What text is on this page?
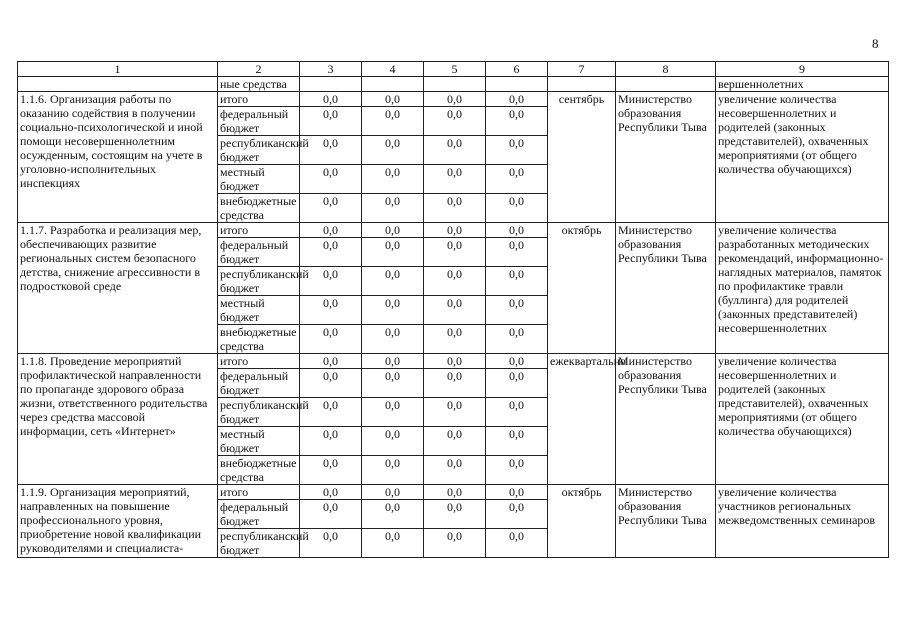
8
1	2	3	4	5	6	7	8	9
	ные средства							вершеннолетних
1.1.6. Организация работы по оказанию содействия в получении социально-психологической и иной помощи несовершеннолетним осужденным, состоящим на учете в уголовно-исполнительных инспекциях	итого	0,0	0,0	0,0	0,0	сентябрь	Министерство образования Республики Тыва	увеличение количества несовершеннолетних и родителей (законных представителей), охваченных мероприятиями (от общего количества обучающихся)
	федеральный бюджет	0,0	0,0	0,0	0,0			
	республиканский бюджет	0,0	0,0	0,0	0,0			
	местный бюджет	0,0	0,0	0,0	0,0			
	внебюджетные средства	0,0	0,0	0,0	0,0			
1.1.7. Разработка и реализация мер, обеспечивающих развитие региональных систем безопасного детства, снижение агрессивности в подростковой среде	итого	0,0	0,0	0,0	0,0	октябрь	Министерство образования Республики Тыва	увеличение количества разработанных методических рекомендаций, информационно-наглядных материалов, памяток по профилактике травли (буллинга) для родителей (законных представителей) несовершеннолетних
	федеральный бюджет	0,0	0,0	0,0	0,0			
	республиканский бюджет	0,0	0,0	0,0	0,0			
	местный бюджет	0,0	0,0	0,0	0,0			
	внебюджетные средства	0,0	0,0	0,0	0,0			
1.1.8. Проведение мероприятий профилактической направленности по пропаганде здорового образа жизни, ответственного родительства через средства массовой информации, сеть «Интернет»	итого	0,0	0,0	0,0	0,0	ежеквартально	Министерство образования Республики Тыва	увеличение количества несовершеннолетних и родителей (законных представителей), охваченных мероприятиями (от общего количества обучающихся)
	федеральный бюджет	0,0	0,0	0,0	0,0			
	республиканский бюджет	0,0	0,0	0,0	0,0			
	местный бюджет	0,0	0,0	0,0	0,0			
	внебюджетные средства	0,0	0,0	0,0	0,0			
1.1.9. Организация мероприятий, направленных на повышение профессионального уровня, приобретение новой квалификации руководителями и специалиста-	итого	0,0	0,0	0,0	0,0	октябрь	Министерство образования Республики Тыва	увеличение количества участников региональных межведомственных семинаров
	федеральный бюджет	0,0	0,0	0,0	0,0			
	республиканский бюджет	0,0	0,0	0,0	0,0			
